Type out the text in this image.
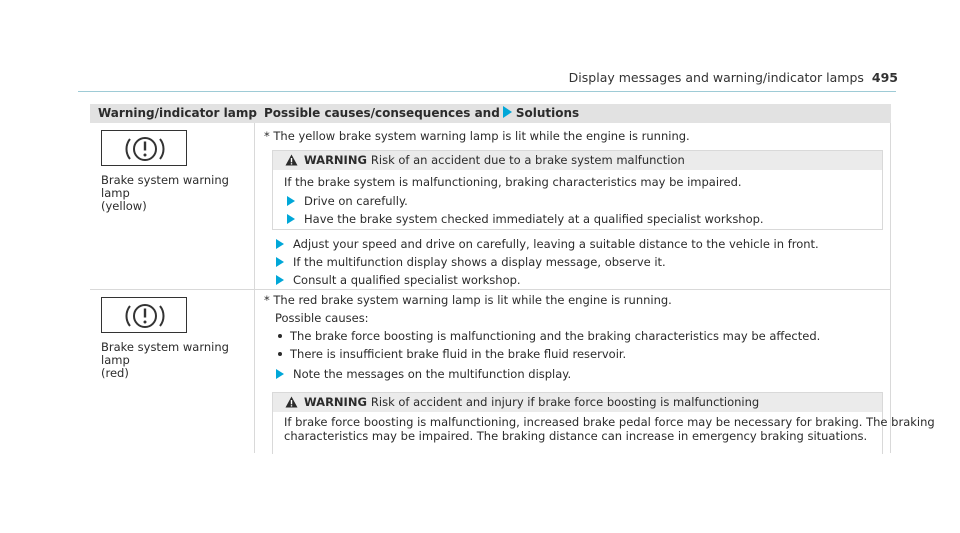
Display messages and warning/indicator lamps 495
Warning/indicator lamp Possible causes/consequences and Solutions
Brake system warning lamp
(yellow)
* The yellow brake system warning lamp is lit while the engine is running.
WARNING Risk of an accident due to a brake system malfunction
If the brake system is malfunctioning, braking characteristics may be impaired.
Drive on carefully.
Have the brake system checked immediately at a qualified specialist workshop.
Adjust your speed and drive on carefully, leaving a suitable distance to the vehicle in front.
If the multifunction display shows a display message, observe it.
Consult a qualified specialist workshop.
Brake system warning lamp
(red)
* The red brake system warning lamp is lit while the engine is running.
Possible causes:
The brake force boosting is malfunctioning and the braking characteristics may be affected.
There is insufficient brake fluid in the brake fluid reservoir.
Note the messages on the multifunction display.
WARNING Risk of accident and injury if brake force boosting is malfunctioning
If brake force boosting is malfunctioning, increased brake pedal force may be necessary for braking. The braking
characteristics may be impaired. The braking distance can increase in emergency braking situations.
